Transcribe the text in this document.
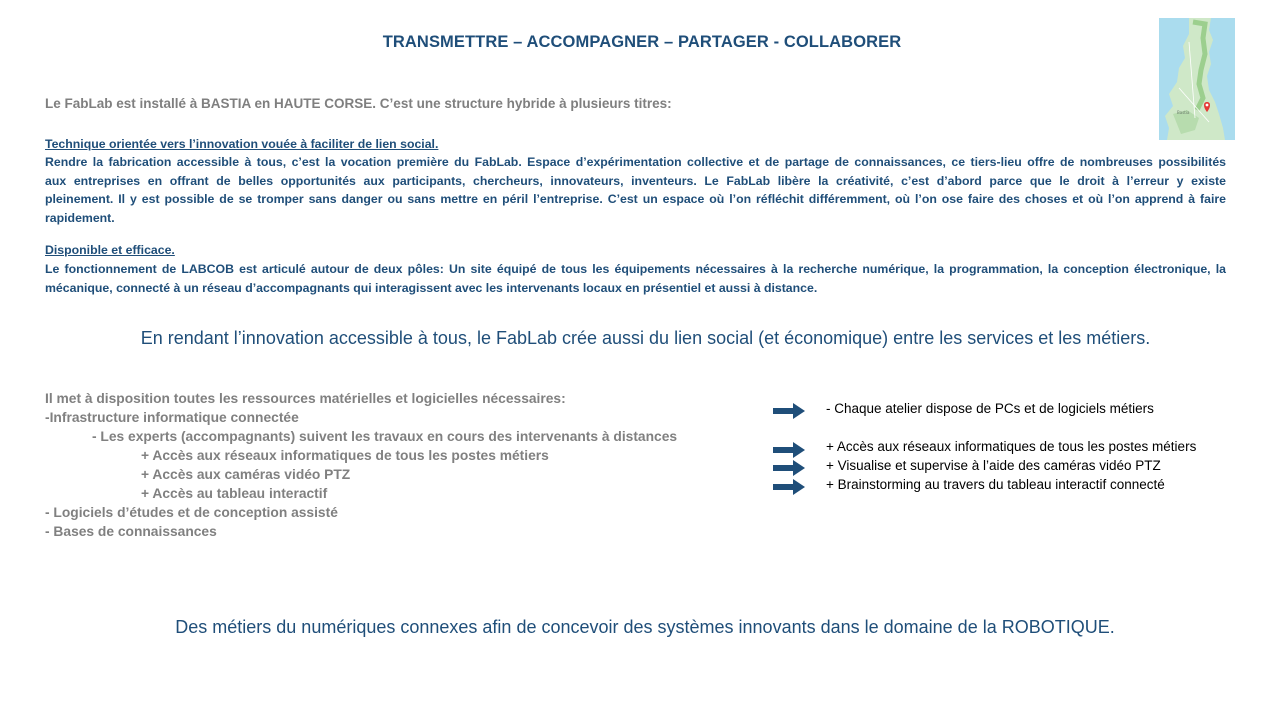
TRANSMETTRE – ACCOMPAGNER – PARTAGER - COLLABORER
Bastia
Le FabLab est installé à BASTIA en HAUTE CORSE. C’est une structure hybride à plusieurs titres:
Technique orientée vers l’innovation vouée à faciliter de lien social.
Rendre la fabrication accessible à tous, c’est la vocation première du FabLab. Espace d’expérimentation collective et de partage de connaissances, ce tiers-lieu offre de nombreuses possibilités
aux entreprises en offrant de belles opportunités aux participants, chercheurs, innovateurs, inventeurs. Le FabLab libère la créativité, c’est d’abord parce que le droit à l’erreur y existe
pleinement. Il y est possible de se tromper sans danger ou sans mettre en péril l’entreprise. C’est un espace où l’on réfléchit différemment, où l’on ose faire des choses et où l’on apprend à faire
rapidement.
Disponible et efficace.
Le fonctionnement de LABCOB est articulé autour de deux pôles: Un site équipé de tous les équipements nécessaires à la recherche numérique, la programmation, la conception électronique, la
mécanique, connecté à un réseau d’accompagnants qui interagissent avec les intervenants locaux en présentiel et aussi à distance.
En rendant l’innovation accessible à tous, le FabLab crée aussi du lien social (et économique) entre les services et les métiers.
Il met à disposition toutes les ressources matérielles et logicielles nécessaires:
-Infrastructure informatique connectée
- Les experts (accompagnants) suivent les travaux en cours des intervenants à distances
+ Accès aux réseaux informatiques de tous les postes métiers
+ Accès aux caméras vidéo PTZ
+ Accès au tableau interactif
- Logiciels d’études et de conception assisté
- Bases de connaissances
- Chaque atelier dispose de PCs et de logiciels métiers
+ Accès aux réseaux informatiques de tous les postes métiers
+ Visualise et supervise à l’aide des caméras vidéo PTZ
+ Brainstorming au travers du tableau interactif connecté
Des métiers du numériques connexes afin de concevoir des systèmes innovants dans le domaine de la ROBOTIQUE.
